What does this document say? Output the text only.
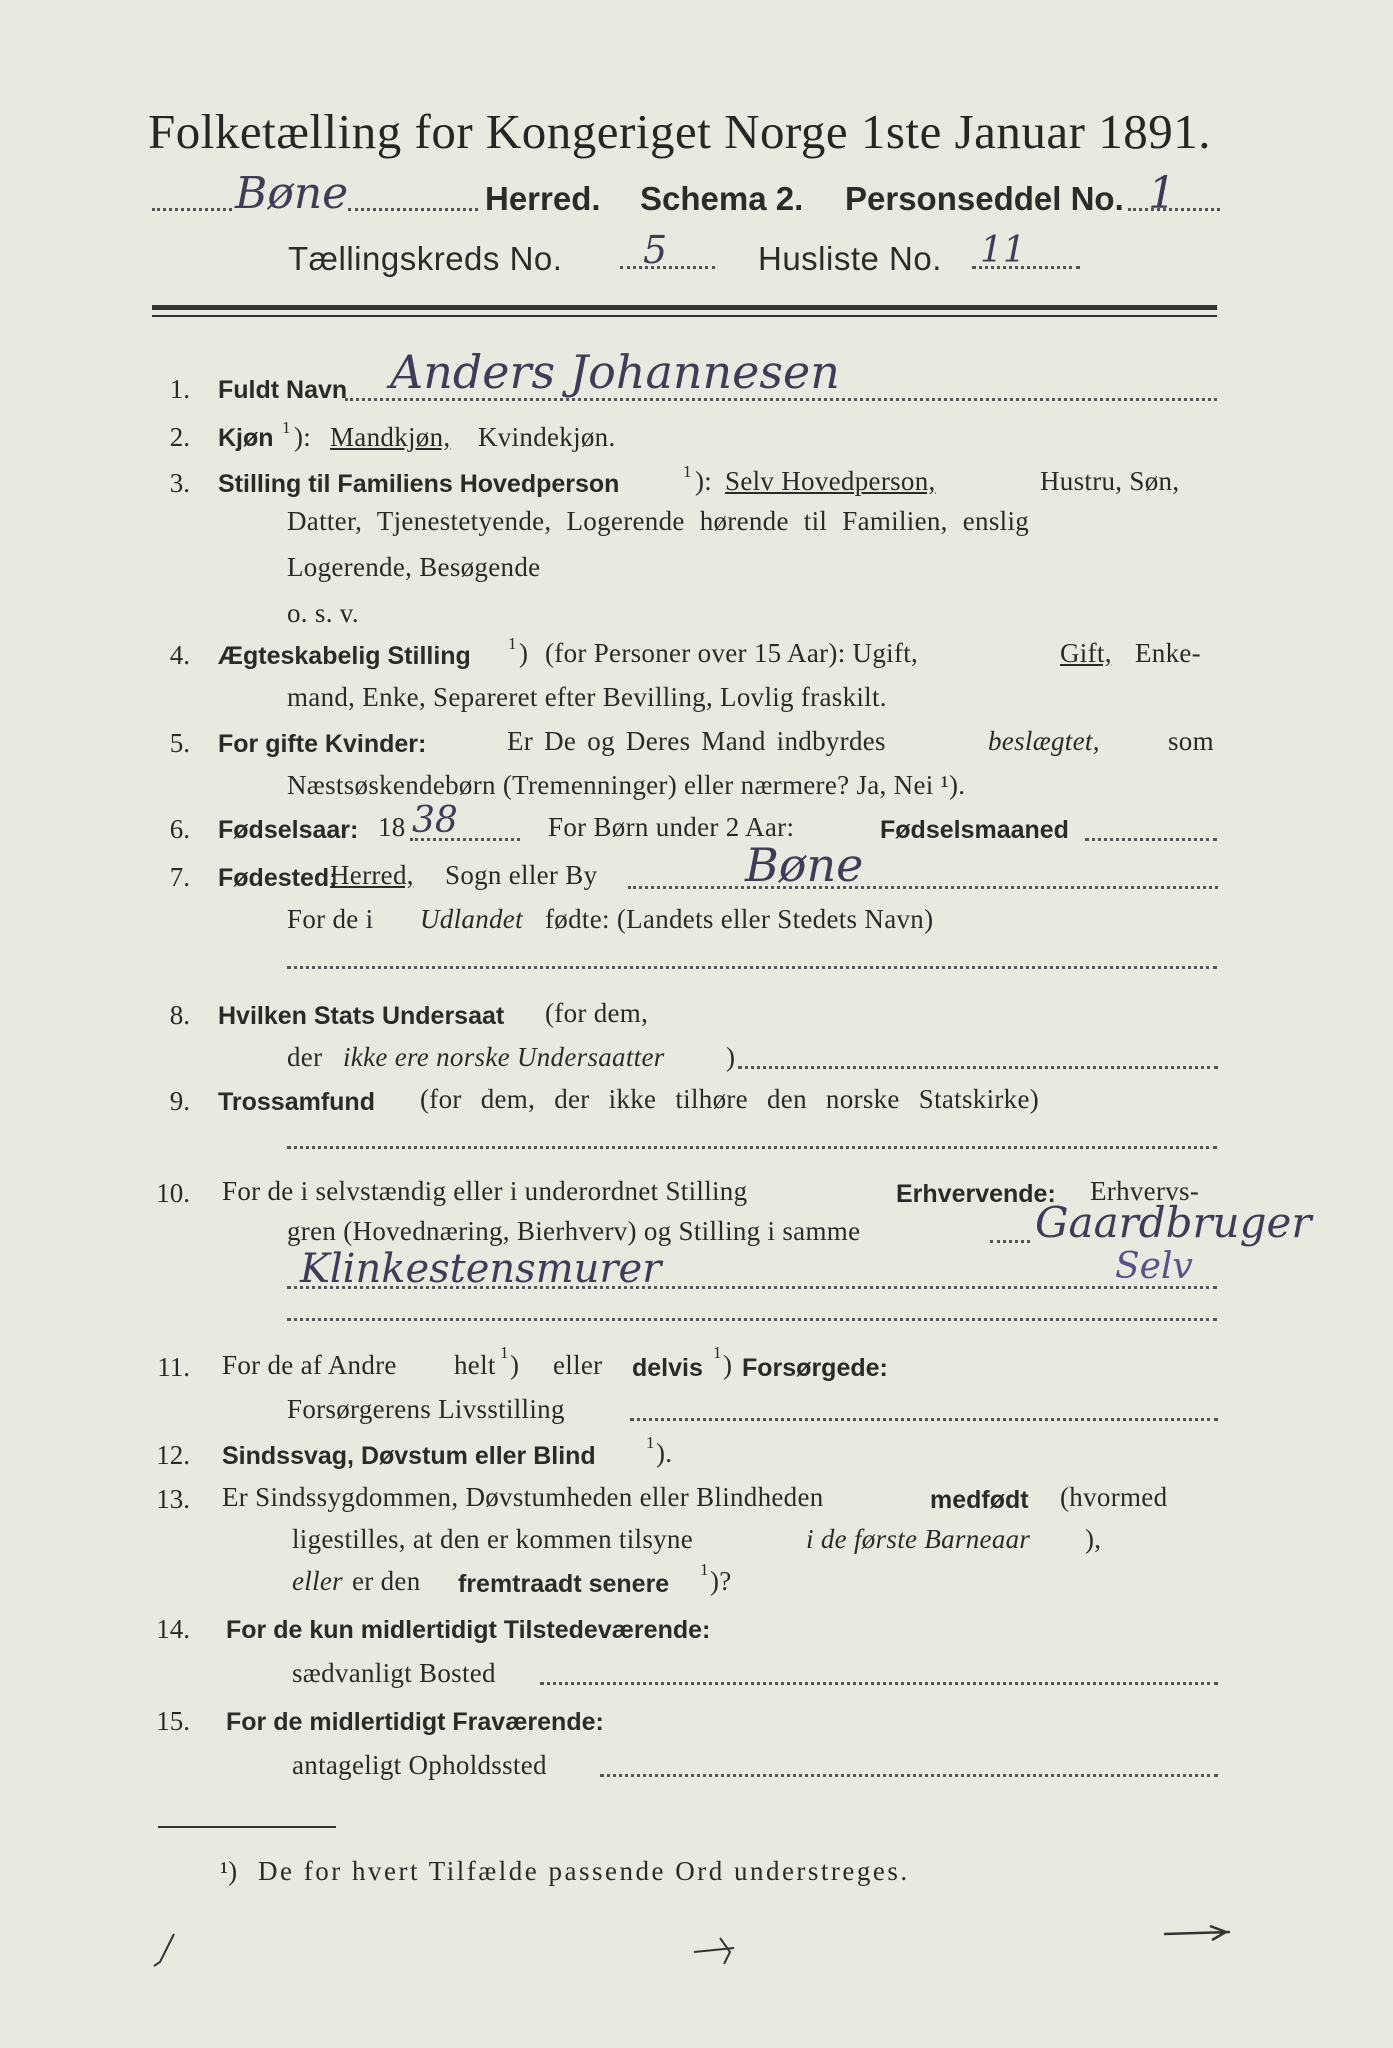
Folketælling for Kongeriget Norge 1ste Januar 1891.
Bøne	Herred. Schema 2. Personseddel No. 1
Tællingskreds No. 5	Husliste No. 11
1. Fuldt Navn Anders Johannesen
2. Kjøn 1 ): Mandkjøn, Kvindekjøn.
3. Stilling til Familiens Hovedperson	1 ): Selv Hovedperson,	Hustru, Søn,
Datter, Tjenestetyende, Logerende hørende til Familien, enslig
Logerende, Besøgende
o. s. v.
4. Ægteskabelig Stilling 1 ) (for Personer over 15 Aar): Ugift,	Gift, Enke-
mand, Enke, Separeret efter Bevilling, Lovlig fraskilt.
5. For gifte Kvinder:	Er De og Deres Mand indbyrdes	beslægtet,	som
Næstsøskendebørn (Tremenninger) eller nærmere? Ja, Nei ¹).
6. Fødselsaar: 18 38	For Børn under 2 Aar:	Fødselsmaaned
7. Fødested:
Herred, Sogn eller By	Bøne
For de i Udlandet fødte: (Landets eller Stedets Navn)
8. Hvilken Stats Undersaat (for dem,
der ikke ere norske Undersaatter )
9. Trossamfund (for dem, der ikke tilhøre den norske Statskirke)
10. For de i selvstændig eller i underordnet Stilling	Erhvervende: Erhvervs-
gren (Hovednæring, Bierhverv) og Stilling i samme	Gaardbruger
Klinkestensmurer	Selv
11. For de af Andre helt 1 ) eller delvis
1 ) Forsørgede:
Forsørgerens Livsstilling
12. Sindssvag, Døvstum eller Blind	1 ).
13. Er Sindssygdommen, Døvstumheden eller Blindheden	medfødt (hvormed
ligestilles, at den er kommen tilsyne	i de første Barneaar ),
eller er den fremtraadt senere
1 )?
14. For de kun midlertidigt Tilstedeværende:
sædvanligt Bosted
15. For de midlertidigt Fraværende:
antageligt Opholdssted
¹) De for hvert Tilfælde passende Ord understreges.
